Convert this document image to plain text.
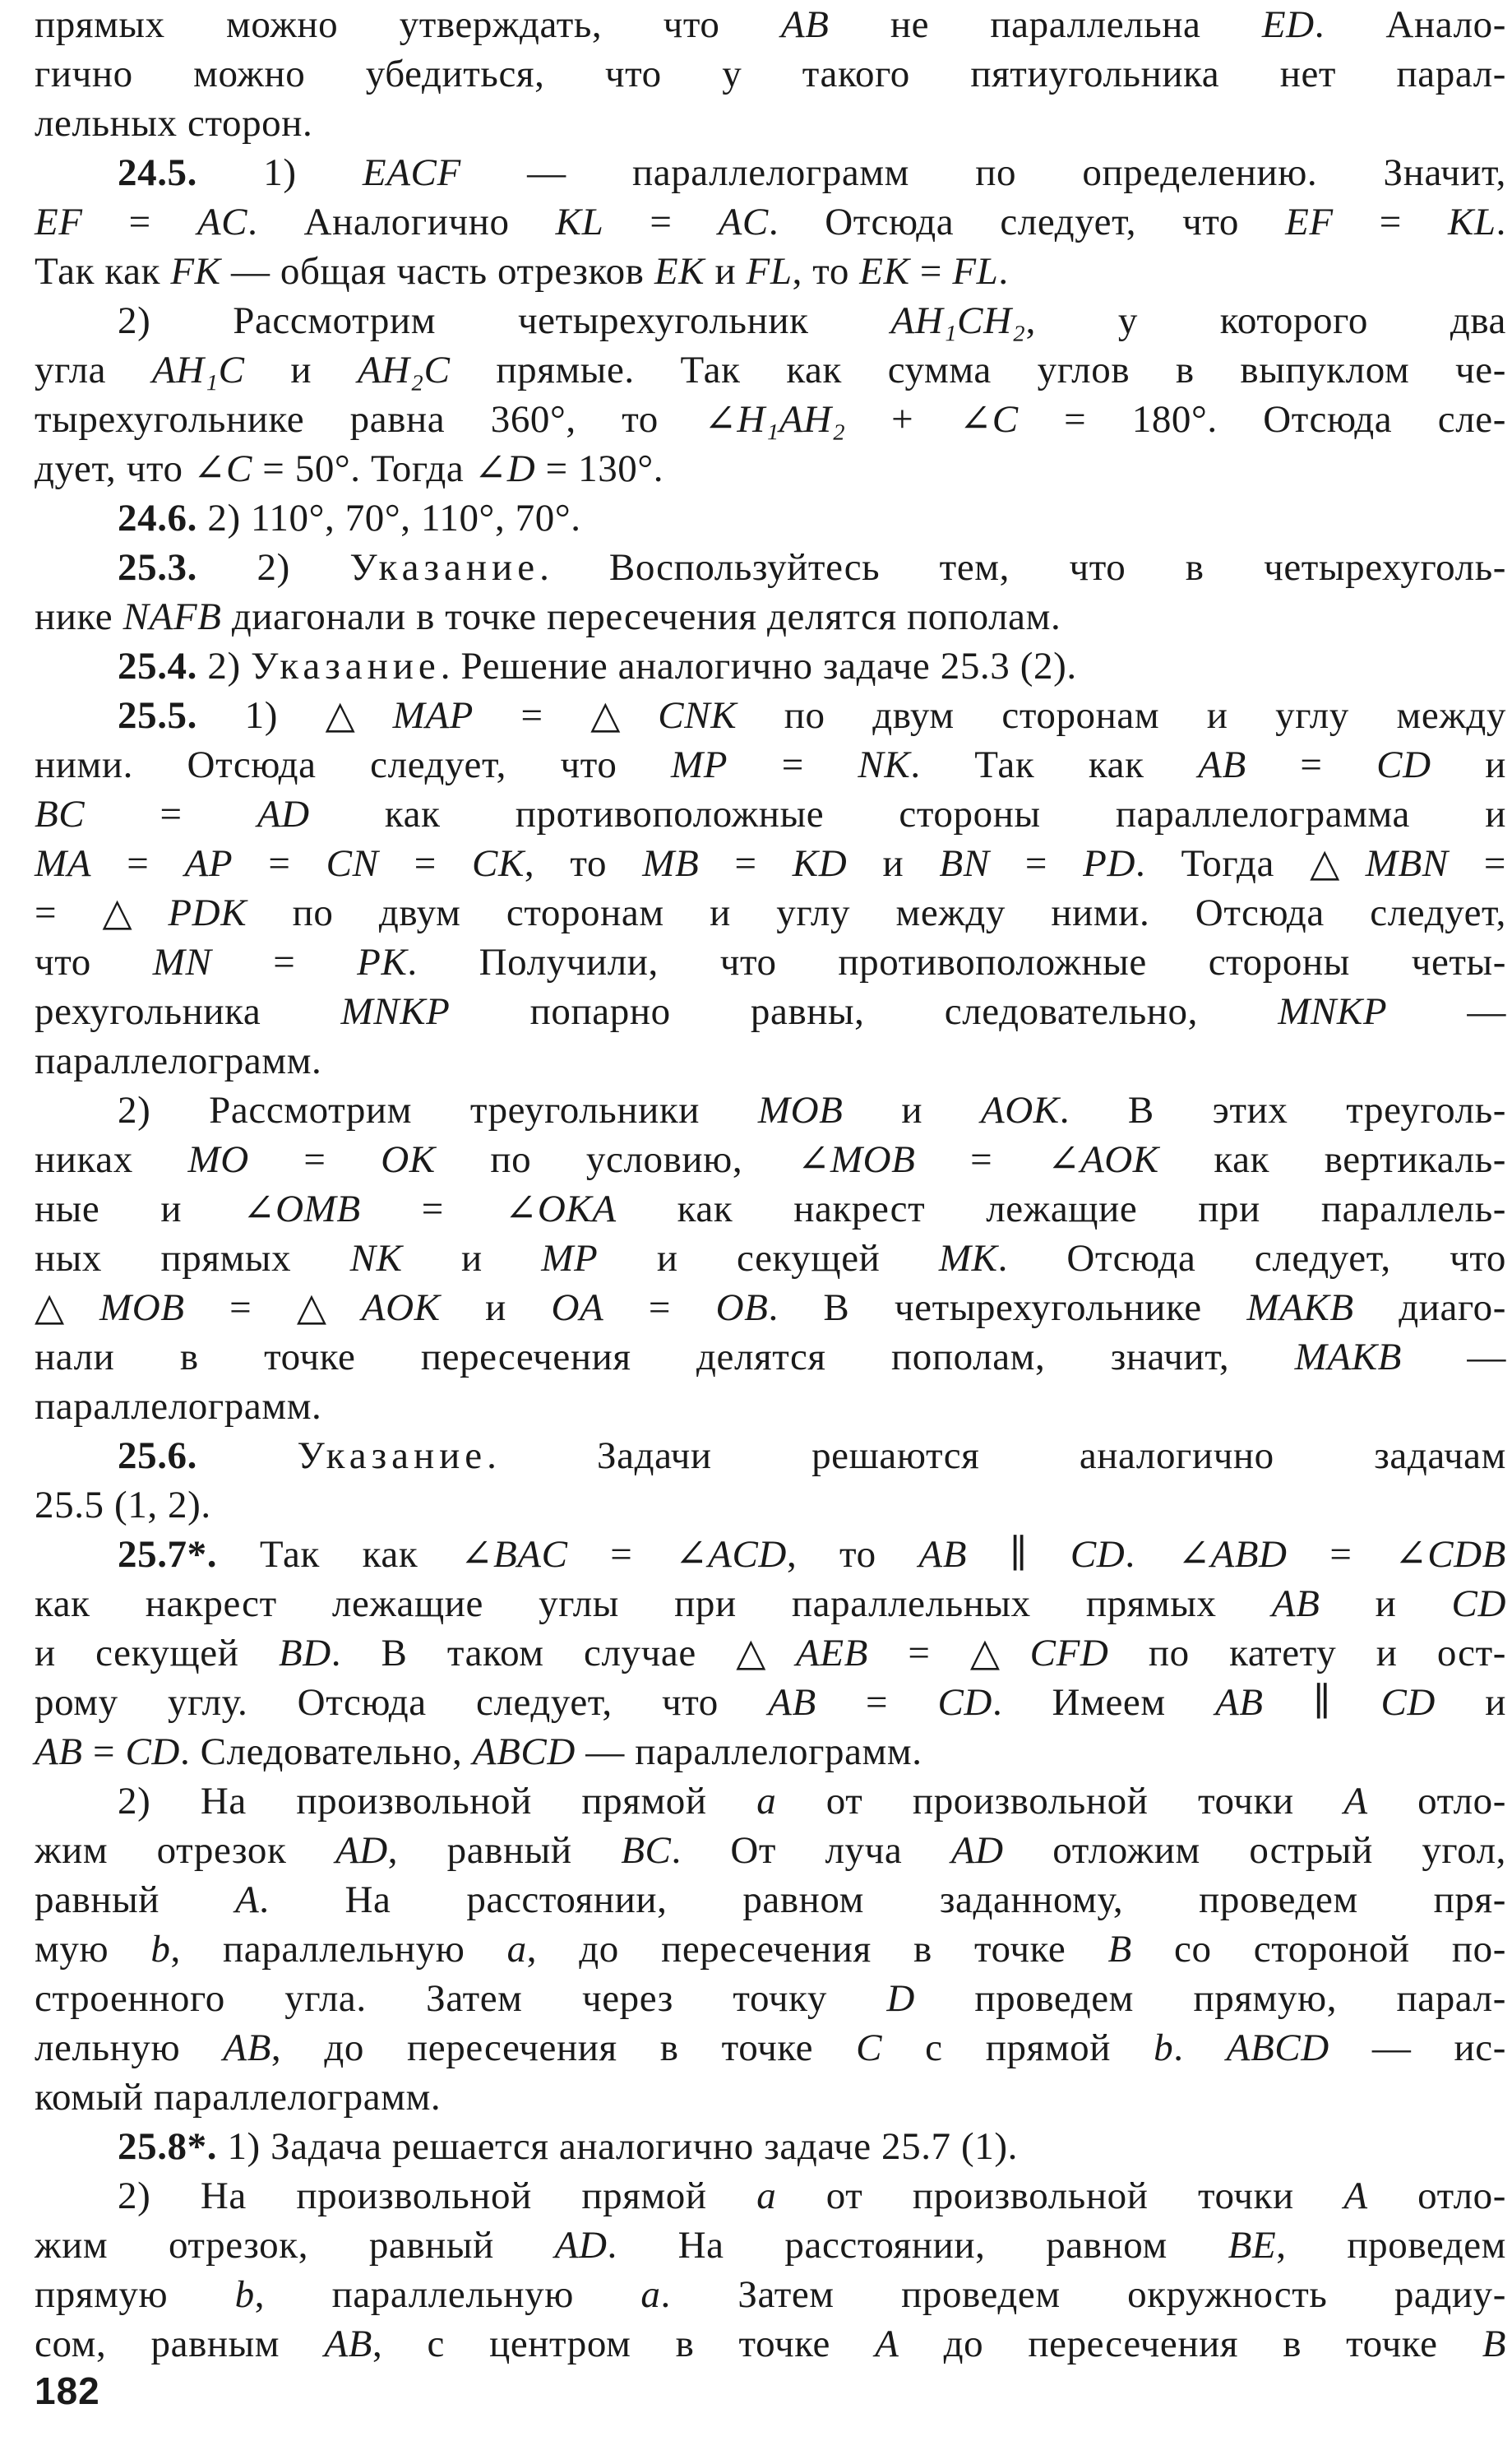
прямых можно утверждать, что AB не параллельна ED. Анало-
гично можно убедиться, что у такого пятиугольника нет парал-
лельных сторон.
24.5. 1) EACF — параллелограмм по определению. Значит,
EF = AC. Аналогично KL = AC. Отсюда следует, что EF = KL.
Так как FK — общая часть отрезков EK и FL, то EK = FL.
2) Рассмотрим четырехугольник AH₁CH₂, у которого два
угла AH₁C и AH₂C прямые. Так как сумма углов в выпуклом че-
тырехугольнике равна 360°, то ∠H₁AH₂ + ∠C = 180°. Отсюда сле-
дует, что ∠C = 50°. Тогда ∠D = 130°.
24.6. 2) 110°, 70°, 110°, 70°.
25.3. 2) Указание. Воспользуйтесь тем, что в четырехуголь-
нике NAFB диагонали в точке пересечения делятся пополам.
25.4. 2) Указание. Решение аналогично задаче 25.3 (2).
25.5. 1) △MAP = △CNK по двум сторонам и углу между
ними. Отсюда следует, что MP = NK. Так как AB = CD и
BC = AD как противоположные стороны параллелограмма и
MA = AP = CN = CK, то MB = KD и BN = PD. Тогда △MBN =
= △PDK по двум сторонам и углу между ними. Отсюда следует,
что MN = PK. Получили, что противоположные стороны четы-
рехугольника MNKP попарно равны, следовательно, MNKP —
параллелограмм.
2) Рассмотрим треугольники MOB и AOK. В этих треуголь-
никах MO = OK по условию, ∠MOB = ∠AOK как вертикаль-
ные и ∠OMB = ∠OKA как накрест лежащие при параллель-
ных прямых NK и MP и секущей MK. Отсюда следует, что
△MOB = △AOK и OA = OB. В четырехугольнике MAKB диаго-
нали в точке пересечения делятся пополам, значит, MAKB —
параллелограмм.
25.6.	Указание. Задачи решаются аналогично задачам
25.5 (1, 2).
25.7*. Так как ∠BAC = ∠ACD, то AB ∥ CD. ∠ABD = ∠CDB
как накрест лежащие углы при параллельных прямых AB и CD
и секущей BD. В таком случае △AEB = △CFD по катету и ост-
рому углу. Отсюда следует, что AB = CD. Имеем AB ∥ CD и
AB = CD. Следовательно, ABCD — параллелограмм.
2) На произвольной прямой a от произвольной точки A отло-
жим отрезок AD, равный BC. От луча AD отложим острый угол,
равный A. На расстоянии, равном заданному, проведем пря-
мую b, параллельную a, до пересечения в точке B со стороной по-
строенного угла. Затем через точку D проведем прямую, парал-
лельную AB, до пересечения в точке C с прямой b. ABCD — ис-
комый параллелограмм.
25.8*. 1) Задача решается аналогично задаче 25.7 (1).
2) На произвольной прямой a от произвольной точки A отло-
жим отрезок, равный AD. На расстоянии, равном BE, проведем
прямую b, параллельную a. Затем проведем окружность радиу-
сом, равным AB, с центром в точке A до пересечения в точке B
182
